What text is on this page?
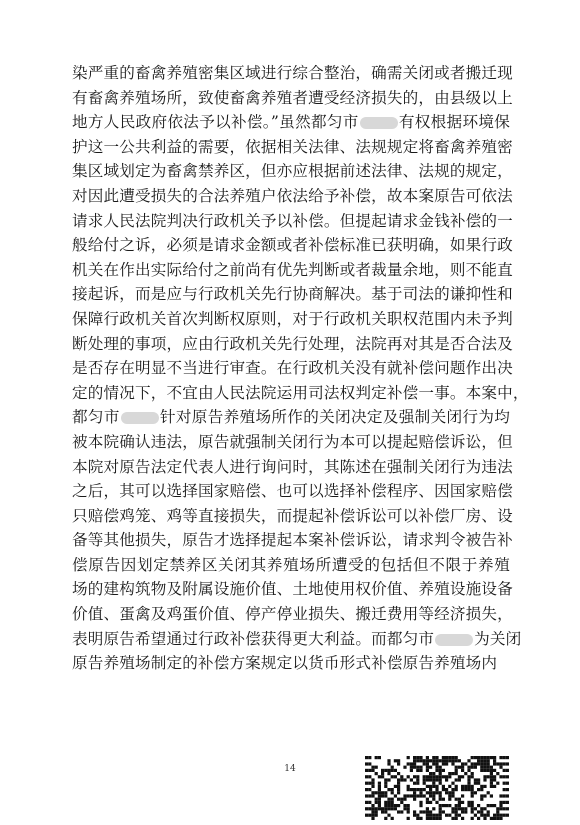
染严重的畜禽养殖密集区域进行综合整治，确需关闭或者搬迁现
有畜禽养殖场所，致使畜禽养殖者遭受经济损失的，由县级以上
地方人民政府依法予以补偿。”虽然都匀市	有权根据环境保
护这一公共利益的需要，依据相关法律、法规规定将畜禽养殖密
集区域划定为畜禽禁养区，但亦应根据前述法律、法规的规定，
对因此遭受损失的合法养殖户依法给予补偿，故本案原告可依法
请求人民法院判决行政机关予以补偿。但提起请求金钱补偿的一
般给付之诉，必须是请求金额或者补偿标准已获明确，如果行政
机关在作出实际给付之前尚有优先判断或者裁量余地，则不能直
接起诉，而是应与行政机关先行协商解决。基于司法的谦抑性和
保障行政机关首次判断权原则，对于行政机关职权范围内未予判
断处理的事项，应由行政机关先行处理，法院再对其是否合法及
是否存在明显不当进行审查。在行政机关没有就补偿问题作出决
定的情况下，不宜由人民法院运用司法权判定补偿一事。本案中，
都匀市	针对原告养殖场所作的关闭决定及强制关闭行为均
被本院确认违法，原告就强制关闭行为本可以提起赔偿诉讼，但
本院对原告法定代表人进行询问时，其陈述在强制关闭行为违法
之后，其可以选择国家赔偿、也可以选择补偿程序、因国家赔偿
只赔偿鸡笼、鸡等直接损失，而提起补偿诉讼可以补偿厂房、设
备等其他损失，原告才选择提起本案补偿诉讼，请求判令被告补
偿原告因划定禁养区关闭其养殖场所遭受的包括但不限于养殖
场的建构筑物及附属设施价值、土地使用权价值、养殖设施设备
价值、蛋禽及鸡蛋价值、停产停业损失、搬迁费用等经济损失，
表明原告希望通过行政补偿获得更大利益。而都匀市	为关闭
原告养殖场制定的补偿方案规定以货币形式补偿原告养殖场内
14
